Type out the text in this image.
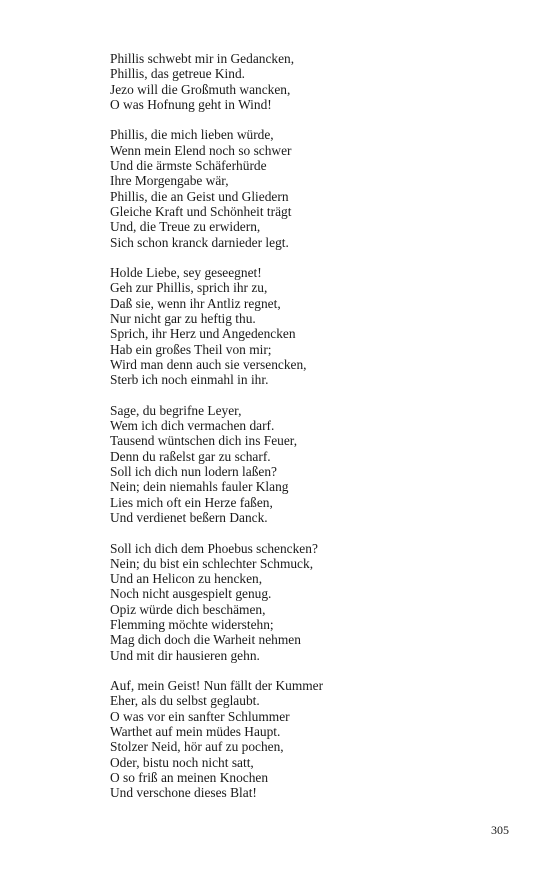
Phillis schwebt mir in Gedancken,
Phillis, das getreue Kind.
Jezo will die Großmuth wancken,
O was Hofnung geht in Wind!
Phillis, die mich lieben würde,
Wenn mein Elend noch so schwer
Und die ärmste Schäferhürde
Ihre Morgengabe wär,
Phillis, die an Geist und Gliedern
Gleiche Kraft und Schönheit trägt
Und, die Treue zu erwidern,
Sich schon kranck darnieder legt.
Holde Liebe, sey geseegnet!
Geh zur Phillis, sprich ihr zu,
Daß sie, wenn ihr Antliz regnet,
Nur nicht gar zu heftig thu.
Sprich, ihr Herz und Angedencken
Hab ein großes Theil von mir;
Wird man denn auch sie versencken,
Sterb ich noch einmahl in ihr.
Sage, du begrifne Leyer,
Wem ich dich vermachen darf.
Tausend wüntschen dich ins Feuer,
Denn du raßelst gar zu scharf.
Soll ich dich nun lodern laßen?
Nein; dein niemahls fauler Klang
Lies mich oft ein Herze faßen,
Und verdienet beßern Danck.
Soll ich dich dem Phoebus schencken?
Nein; du bist ein schlechter Schmuck,
Und an Helicon zu hencken,
Noch nicht ausgespielt genug.
Opiz würde dich beschämen,
Flemming möchte widerstehn;
Mag dich doch die Warheit nehmen
Und mit dir hausieren gehn.
Auf, mein Geist! Nun fällt der Kummer
Eher, als du selbst geglaubt.
O was vor ein sanfter Schlummer
Warthet auf mein müdes Haupt.
Stolzer Neid, hör auf zu pochen,
Oder, bistu noch nicht satt,
O so friß an meinen Knochen
Und verschone dieses Blat!
305
